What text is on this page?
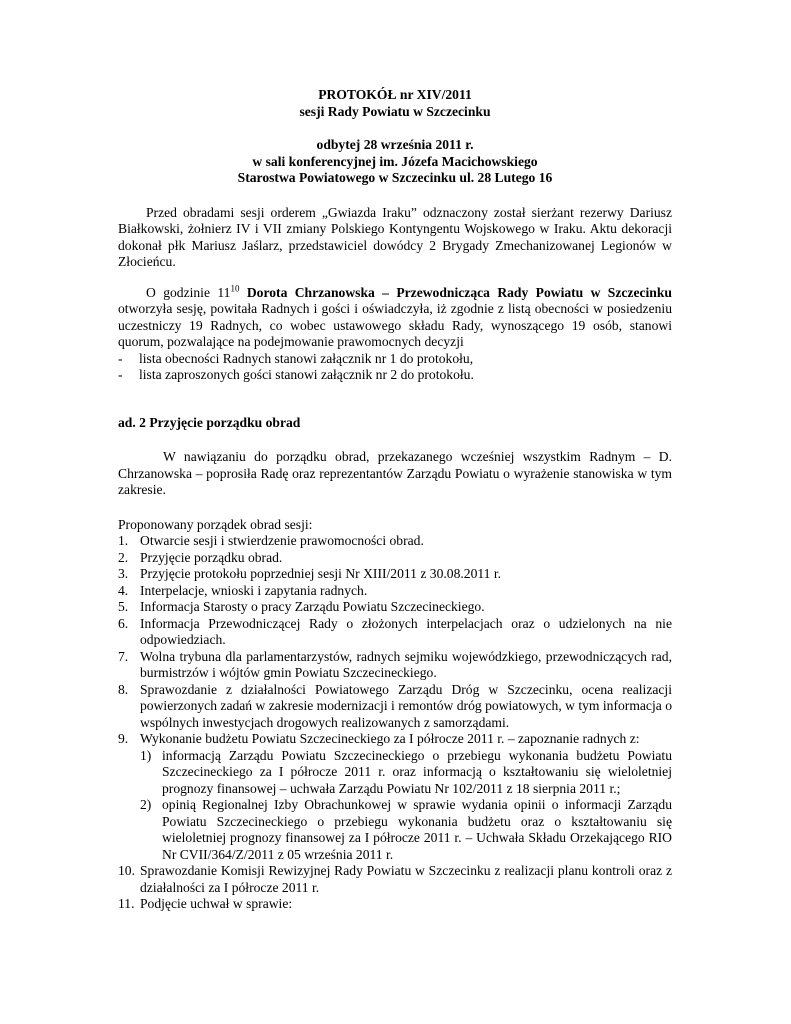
PROTOKÓŁ nr XIV/2011
sesji Rady Powiatu w Szczecinku
odbytej 28 września 2011 r.
w sali konferencyjnej im. Józefa Macichowskiego
Starostwa Powiatowego w Szczecinku ul. 28 Lutego 16

Przed obradami sesji orderem „Gwiazda Iraku” odznaczony został sierżant rezerwy Dariusz Białkowski, żołnierz IV i VII zmiany Polskiego Kontyngentu Wojskowego w Iraku. Aktu dekoracji dokonał płk Mariusz Jaślarz, przedstawiciel dowódcy 2 Brygady Zmechanizowanej Legionów w Złocieńcu.

O godzinie $11^{10}$ Dorota Chrzanowska – Przewodnicząca Rady Powiatu w Szczecinku otworzyła sesję, powitała Radnych i gości i oświadczyła, iż zgodnie z listą obecności w posiedzeniu uczestniczy 19 Radnych, co wobec ustawowego składu Rady, wynoszącego 19 osób, stanowi quorum, pozwalające na podejmowanie prawomocnych decyzji

- lista obecności Radnych stanowi załącznik nr 1 do protokołu,
- lista zaproszonych gości stanowi załącznik nr 2 do protokołu.
ad. 2 Przyjęcie porządku obrad

W nawiązaniu do porządku obrad, przekazanego wcześniej wszystkim Radnym – D. Chrzanowska – poprosiła Radę oraz reprezentantów Zarządu Powiatu o wyrażenie stanowiska w tym zakresie.

Proponowany porządek obrad sesji:

1. Otwarcie sesji i stwierdzenie prawomocności obrad.
2. Przyjęcie porządku obrad.
3. Przyjęcie protokołu poprzedniej sesji Nr XIII/2011 z 30.08.2011 r.
4. Interpelacje, wnioski i zapytania radnych.
5. Informacja Starosty o pracy Zarządu Powiatu Szczecineckiego.
6. Informacja Przewodniczącej Rady o złożonych interpelacjach oraz o udzielonych na nie odpowiedziach.
7. Wolna trybuna dla parlamentarzystów, radnych sejmiku wojewódzkiego, przewodniczących rad, burmistrzów i wójtów gmin Powiatu Szczecineckiego.
8. Sprawozdanie z działalności Powiatowego Zarządu Dróg w Szczecinku, ocena realizacji powierzonych zadań w zakresie modernizacji i remontów dróg powiatowych, w tym informacja o wspólnych inwestycjach drogowych realizowanych z samorządami.
9. Wykonanie budżetu Powiatu Szczecineckiego za I półrocze 2011 r. – zapoznanie radnych z:
1) informacją Zarządu Powiatu Szczecineckiego o przebiegu wykonania budżetu Powiatu Szczecineckiego za I półrocze 2011 r. oraz informacją o kształtowaniu się wieloletniej prognozy finansowej – uchwała Zarządu Powiatu Nr 102/2011 z 18 sierpnia 2011 r.;
2) opinią Regionalnej Izby Obrachunkowej w sprawie wydania opinii o informacji Zarządu Powiatu Szczecineckiego o przebiegu wykonania budżetu oraz o kształtowaniu się wieloletniej prognozy finansowej za I półrocze 2011 r. – Uchwała Składu Orzekającego RIO Nr CVII/364/Z/2011 z 05 września 2011 r.
10. Sprawozdanie Komisji Rewizyjnej Rady Powiatu w Szczecinku z realizacji planu kontroli oraz z działalności za I półrocze 2011 r.
11. Podjęcie uchwał w sprawie:
